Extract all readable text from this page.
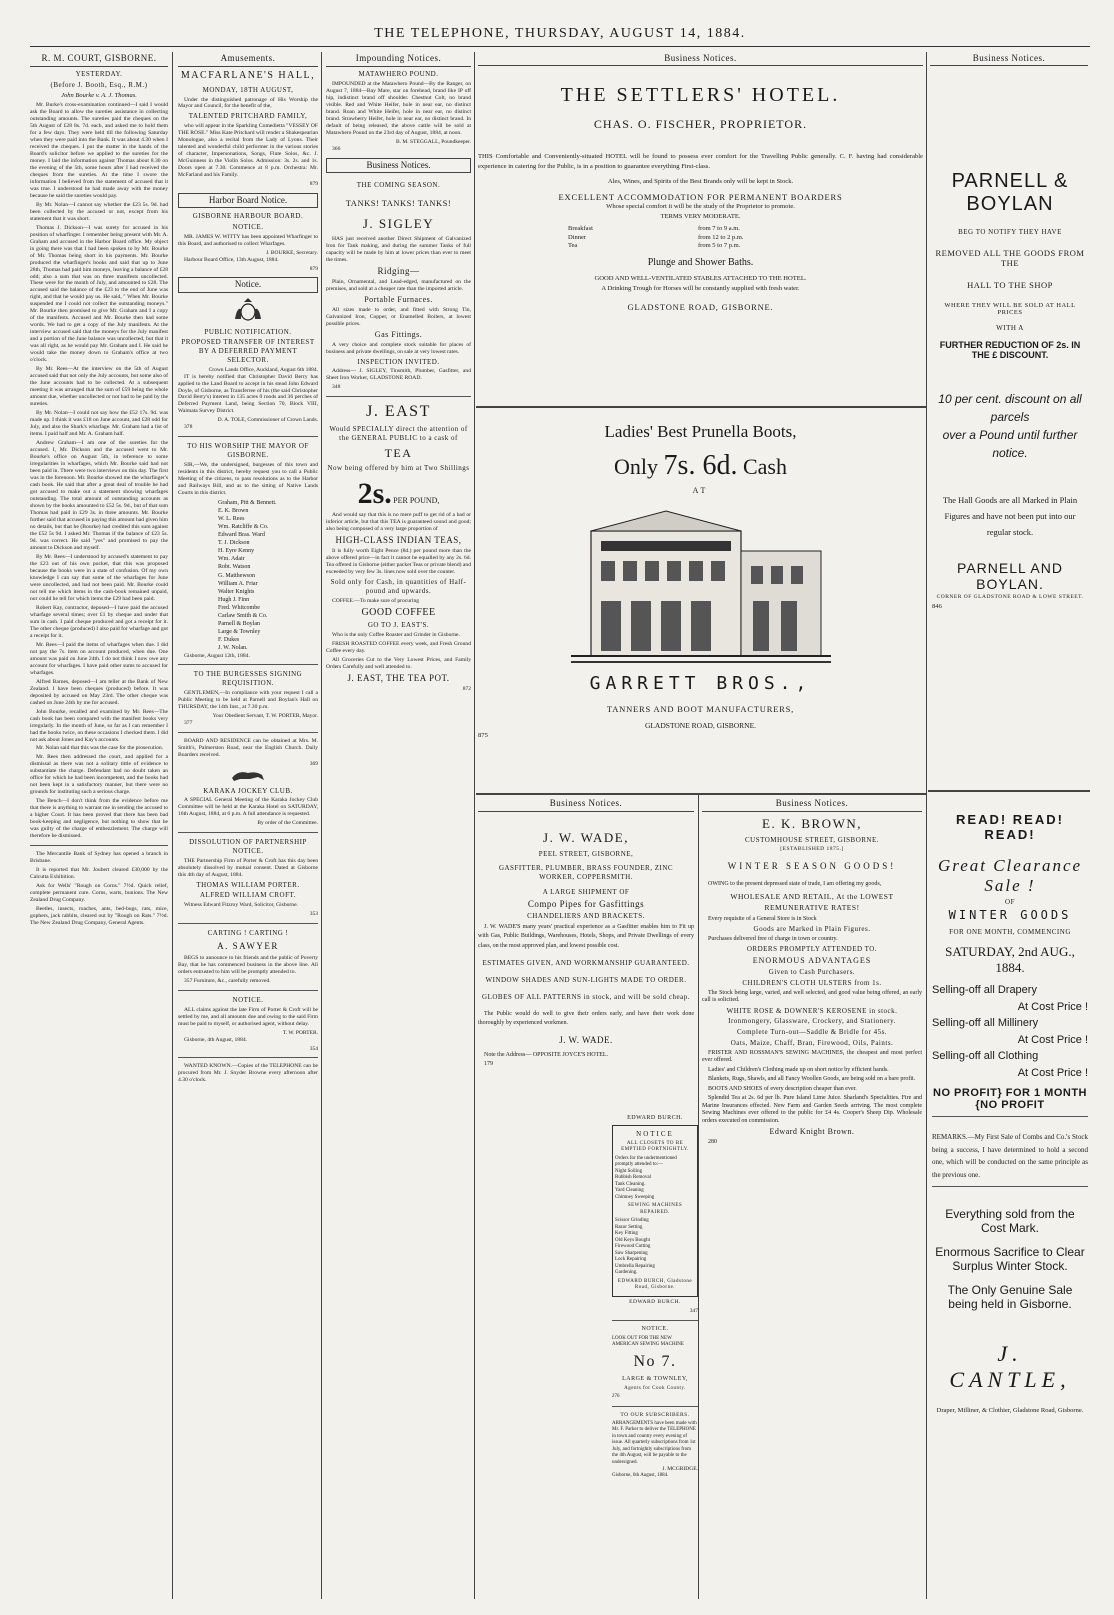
THE TELEPHONE, THURSDAY, AUGUST 14, 1884.
R. M. COURT, GISBORNE.
YESTERDAY.
(Before J. Booth, Esq., R.M.)
John Bourke v. A. J. Thomas.
Mr. Burke's cross-examination continued—I said I would ask the Board to allow the sureties assistance in collecting outstanding amounts. The sureties paid the cheques on the 5th August of £28 8s. 7d. each, and asked me to hold them for a few days. They were held till the following Saturday when they were paid into the Bank. It was about 4.30 when I received the cheques. I put the matter in the hands of the Board's solicitor before we applied to the sureties for the money. I laid the information against Thomas about 8.30 on the evening of the 5th, some hours after I had received the cheques from the sureties. At the time I swore the information I believed from the statement of accused that it was true. I understood he had made away with the money because he said the sureties would pay.
By Mr. Nolan—I cannot say whether the £23 5s. 9d. had been collected by the accused or not, except from his statement that it was short.
Thomas J. Dickson—I was surety for accused in his position of wharfinger. I remember being present with Mr. A. Graham and accused in the Harbor Board office. My object in going there was that I had been spoken to by Mr. Bourke of Mr. Thomas being short in his payments. Mr. Bourke produced the wharfinger's books and said that up to June 28th, Thomas had paid him moneys, leaving a balance of £28 odd; also a sum that was on three manifests uncollected. These were for the month of July, and amounted to £28. The accused said the balance of the £23 to the end of June was right, and that he would pay us. He said, " When Mr. Bourke suspended me I could not collect the outstanding moneys." Mr. Bourke then promised to give Mr. Graham and I a copy of the manifests. Accused and Mr. Bourke then had some words. We had to get a copy of the July manifests. At the interview accused said that the moneys for the July manifest and a portion of the June balance was uncollected, but that it was all right, as he would pay Mr. Graham and I. He said he would take the money down to Graham's office at two o'clock.
By Mr. Rees—At the interview on the 5th of August accused said that not only the July accounts, but some also of the June accounts had to be collected. At a subsequent meeting it was arranged that the sum of £59 being the whole amount due, whether uncollected or not had to be paid by the sureties.
By Mr. Nolan—I could not say how the £52 17s. 9d. was made up. I think it was £18 on June account, and £28 odd for July, and also the Shark's wharfage. Mr. Graham had a list of items. I paid half and Mr. A. Graham half.
Andrew Graham—I am one of the sureties for the accused. I, Mr. Dickson and the accused went to Mr. Bourke's office on August 5th, in reference to some irregularities in wharfages, which Mr. Bourke said had not been paid in. There were two interviews on this day. The first was in the forenoon. Mr. Bourke showed me the wharfinger's cash book. He said that after a great deal of trouble he had got accused to make out a statement showing wharfages outstanding. The total amount of outstanding accounts as shown by the books amounted to £52 5s. 9d., but of that sum Thomas had paid in £29 3s. in three amounts. Mr. Bourke further said that accused in paying this amount had given him no details, but that he (Bourke) had credited this sum against the £52 5s 9d. I asked Mr. Thomas if the balance of £23 5s. 9d. was correct. He said "yes" and promised to pay the amount to Dickson and myself.
By Mr. Rees—I understood by accused's statement to pay the £23 out of his own pocket, that this was proposed because the books were in a state of confusion. Of my own knowledge I can say that some of the wharfages for June were uncollected, and had not been paid. Mr. Bourke could not tell me which items in the cash-book remained unpaid, nor could he tell for which items the £29 had been paid.
Robert Kay, contractor, deposed—I have paid the accused wharfage several times; over £1 by cheque and under that sum in cash. I paid cheque produced and got a receipt for it. The other cheque (produced) I also paid for wharfage and got a receipt for it.
Mr. Rees—I paid the items of wharfages when due. I did not pay the 7s. item on account produced, when due. One amount was paid on June 24th. I do not think I now owe any account for wharfages. I have paid other sums to accused for wharfages.
Alfred Barnes, deposed—I am teller at the Bank of New Zealand. I have been cheques (produced) before. It was deposited by accused on May 23rd. The other cheque was cashed on June 24th by me for accused.
John Bourke, recalled and examined by Mr. Rees—The cash book has been compared with the manifest books very irregularly. In the month of June, so far as I can remember I had the books twice, on these occasions I checked them. I did not ask about Jones and Kay's accounts.
Mr. Nolan said that this was the case for the prosecution.
Mr. Rees then addressed the court, and applied for a dismissal as there was not a solitary tittle of evidence to substantiate the charge. Defendant had no doubt taken an office for which he had been incompetent, and the books had not been kept in a satisfactory manner, but there were no grounds for instituting such a serious charge.
The Bench—I don't think from the evidence before me that there is anything to warrant me in sending the accused to a higher Court. It has been proved that there has been bad book-keeping and negligence, but nothing to show that he was guilty of the charge of embezzlement. The charge will therefore be dismissed.
The Mercantile Bank of Sydney has opened a branch in Brisbane.
It is reported that Mr. Joubert cleared £30,000 by the Calcutta Exhibition.
Ask for Wells' "Rough on Corns." 7½d. Quick relief, complete permanent cure. Corns, warts, bunions. The New Zealand Drug Company.
Beetles, insects, roaches, ants, bed-bugs, rats, mice, gophers, jack rabbits, cleared out by "Rough on Rats." 7½d. The New Zealand Drug Company, General Agents.
Amusements.
MACFARLANE'S HALL,
MONDAY, 18TH AUGUST,
Under the distinguished patronage of His Worship the Mayor and Council, for the benefit of the,
TALENTED PRITCHARD FAMILY,
who will appear in the Sparkling Comedietta "VESSEY OF THE ROSE." Miss Kate Pritchard will render a Shakespearian Monologue, also a recital from the Lady of Lyons. Their talented and wonderful child performer in the various stories of character, Impersonations, Songs, Flute Solos, &c. J. McGuinness in the Violin Solos. Admission: 3s. 2s. and 1s. Doors open at 7.30. Commence at 8 p.m. Orchestra: Mr. McFarland and his Family.
879
Harbor Board Notice.
GISBORNE HARBOUR BOARD.
NOTICE.
MR. JAMES W. WITTY has been appointed Wharfinger to this Board, and authorised to collect Wharfages.
J. BOURKE, Secretary.
Harbour Board Office, 13th August, 1884.
879
Notice.
PUBLIC NOTIFICATION.
PROPOSED TRANSFER OF INTEREST BY A DEFERRED PAYMENT SELECTOR.
Crown Lands Office, Auckland, August 6th 1884.
IT is hereby notified that Christopher David Berry has applied to the Land Board to accept in his stead John Edward Doyle, of Gisborne, as Transferree of his (the said Christopher David Berry's) interest in 135 acres 0 roods and 36 perches of Deferred Payment Land, being Section 70, Block VIII, Waimata Survey District.
D. A. TOLE, Commissioner of Crown Lands.
378
TO HIS WORSHIP THE MAYOR OF GISBORNE.
SIR,—We, the undersigned, burgesses of this town and residents in this district, hereby request you to call a Public Meeting of the citizens, to pass resolutions as to the Harbor and Railways Bill, and as to the sitting of Native Lands Courts in this district.
Graham, Pitt & Bennett.
E. K. Brown
W. L. Rees
Wm. Ratcliffe & Co.
Edward Bras. Ward
T. J. Dickson
H. Eyre Kenny
Wm. Adair
Robt. Watson
G. Matthewson
William A. Friar
Walter Knights
Hugh J. Finn
Fred. Whitcombe
Carlaw Smith & Co.
Parnell & Boylan
Large & Townley
F. Dukes
J. W. Nolan.
Gisborne, August 12th, 1884.
TO THE BURGESSES SIGNING REQUISITION.
GENTLEMEN,—In compliance with your request I call a Public Meeting to be held at Parnell and Boylan's Hall on THURSDAY, the 14th Inst., at 7.30 p.m.
Your Obedient Servant, T. W. PORTER, Mayor.
377
BOARD AND RESIDENCE can be obtained at Mrs. M. Smith's, Palmerston Road, near the English Church. Daily Boarders received.
369
KARAKA JOCKEY CLUB.
A SPECIAL General Meeting of the Karaka Jockey Club Committee will be held at the Karaka Hotel on SATURDAY, 16th August, 1884, at 6 p.m. A full attendance is requested.
By order of the Committee.
DISSOLUTION OF PARTNERSHIP NOTICE.
THE Partnership Firm of Porter & Croft has this day been absolutely dissolved by mutual consent. Dated at Gisborne this 4th day of August, 1884.
THOMAS WILLIAM PORTER.
ALFRED WILLIAM CROFT.
Witness Edward Fitzroy Ward, Solicitor, Gisborne.
353
CARTING ! CARTING !
A. SAWYER
BEGS to announce to his friends and the public of Poverty Bay, that he has commenced business in the above line. All orders entrusted to him will be promptly attended to.
357 Furniture, &c., carefully removed.
NOTICE.
ALL claims against the late Firm of Porter & Croft will be settled by me, and all amounts due and owing to the said Firm must be paid to myself, or authorised agent, without delay.
T. W. PORTER.
Gisborne, 4th August, 1884.
354
WANTED KNOWN.—Copies of the TELEPHONE can be procured from Mr. J. Snyder Browne every afternoon after 4.30 o'clock.
Impounding Notices.
MATAWHERO POUND.
IMPOUNDED at the Matawhero Pound—By the Ranger, on August 7, 1884—Bay Mare, star on forehead, brand like IP off hip, indistinct brand off shoulder. Chestnut Colt, no brand visible. Red and White Heifer, hole in near ear, no distinct brand. Roan and White Heifer, hole in near ear, no distinct brand. Strawberry Heifer, hole in near ear, no distinct brand. In default of being released, the above cattle will be sold at Matawhero Pound on the 23rd day of August, 1884, at noon.
B. M. STEGGALL, Poundkeeper.
366
Business Notices.
THE COMING SEASON.
TANKS! TANKS! TANKS!
J. SIGLEY
HAS just received another Direct Shipment of Galvanized Iron for Tank making, and during the summer Tanks of full capacity will be made by him at lower prices than ever to meet the times.
Ridging—
Plain, Ornamental, and Lead-edged, manufactured on the premises, and sold at a cheaper rate than the imported article.
Portable Furnaces.
All sizes made to order, and fitted with Strong Tin, Galvanized Iron, Copper, or Enamelled Boilers, at lowest possible prices.
Gas Fittings.
A very choice and complete stock suitable for places of business and private dwellings, on sale at very lowest rates.
INSPECTION INVITED.
Address— J. SIGLEY, Tinsmith, Plumber, Gasfitter, and Sheet Iron Worker, GLADSTONE ROAD.
348
J. EAST
Would SPECIALLY direct the attention of the GENERAL PUBLIC to a cask of
TEA
Now being offered by him at Two Shillings
2s. PER POUND,
And would say that this is no mere puff to get rid of a bad or inferior article, but that this TEA is guaranteed sound and good; also being composed of a very large proportion of
HIGH-CLASS INDIAN TEAS,
It is fully worth Eight Pence (8d.) per pound more than the above offered price—in fact it cannot be equalled by any 2s. 6d. Tea offered in Gisborne (either packet Teas or private blend) and exceeded by very few 3s. lines now sold over the counter.
Sold only for Cash, in quantities of Half-pound and upwards.
COFFEE.—To make sure of procuring
GOOD COFFEE
GO TO J. EAST'S.
Who is the only Coffee Roaster and Grinder in Gisborne.
FRESH ROASTED COFFEE every week, and Fresh Ground Coffee every day.
All Groceries Cut to the Very Lowest Prices, and Family Orders Carefully and well attended to.
J. EAST, THE TEA POT.
872
Business Notices.
THE SETTLERS' HOTEL.
CHAS. O. FISCHER, PROPRIETOR.
THIS Comfortable and Conveniently-situated HOTEL will be found to possess ever comfort for the Travelling Public generally. C. F. having had considerable experience in catering for the Public, is in a position to guarantee everything First-class.
Ales, Wines, and Spirits of the Best Brands only will be kept in Stock.
EXCELLENT ACCOMMODATION FOR PERMANENT BOARDERS
Whose special comfort it will be the study of the Proprietor to promote.
TERMS VERY MODERATE.
Breakfast	from 7 to 9 a.m.
Dinner	from 12 to 2 p.m.
Tea	from 5 to 7 p.m.
Plunge and Shower Baths.
GOOD AND WELL-VENTILATED STABLES ATTACHED TO THE HOTEL.
A Drinking Trough for Horses will be constantly supplied with fresh water.
GLADSTONE ROAD, GISBORNE.
Ladies' Best Prunella Boots,
Only 7s. 6d. Cash
AT
GARRETT BROS.,
TANNERS AND BOOT MANUFACTURERS,
GLADSTONE ROAD, GISBORNE.
875
Business Notices.
J. W. WADE,
PEEL STREET, GISBORNE,
GASFITTER, PLUMBER, BRASS FOUNDER, ZINC WORKER, COPPERSMITH.
A LARGE SHIPMENT OF
Compo Pipes for Gasfittings
CHANDELIERS AND BRACKETS.
J. W. WADE'S many years' practical experience as a Gasfitter enables him to Fit up with Gas, Public Buildings, Warehouses, Hotels, Shops, and Private Dwellings of every class, on the most approved plan, and lowest possible cost.
ESTIMATES GIVEN, AND WORKMANSHIP GUARANTEED.
WINDOW SHADES AND SUN-LIGHTS MADE TO ORDER.
GLOBES OF ALL PATTERNS in stock, and will be sold cheap.
The Public would do well to give their orders early, and have their work done thoroughly by experienced workmen.
J. W. WADE.
Note the Address— OPPOSITE JOYCE'S HOTEL.
179
EDWARD BURCH.
NOTICE
ALL CLOSETS TO BE EMPTIED FORTNIGHTLY.
Orders for the undermentioned promptly attended to:—
Night Soiling
Rubbish Removal
Tank Cleaning.
Yard Cleaning
Chimney Sweeping
SEWING MACHINES REPAIRED.
Scissor Grinding
Razor Setting
Key Fitting
Old Keys Bought
Firewood Cutting
Saw Sharpening
Lock Repairing
Umbrella Repairing
Gardening.
EDWARD BURCH, Gladstone Road, Gisborne.
EDWARD BURCH.
347
NOTICE.
LOOK OUT FOR THE NEW AMERICAN SEWING MACHINE
No 7.
LARGE & TOWNLEY,
Agents for Cook County.
276
TO OUR SUBSCRIBERS.
ARRANGEMENTS have been made with Mr. F. Parker to deliver the TELEPHONE in town and country every evening of issue. All quarterly subscriptions from 1st July, and fortnightly subscriptions from the 4th August, will be payable to the undersigned.
J. MCGRIDGE.
Gisborne, 6th August, 1884.
Business Notices.
E. K. BROWN,
CUSTOMHOUSE STREET, GISBORNE.
[ESTABLISHED 1875.]
WINTER SEASON GOODS!
OWING to the present depressed state of trade, I am offering my goods,
WHOLESALE AND RETAIL, At the LOWEST REMUNERATIVE RATES!
Every requisite of a General Store is in Stock
Goods are Marked in Plain Figures.
Purchases delivered free of charge in town or country.
ORDERS PROMPTLY ATTENDED TO.
ENORMOUS ADVANTAGES
Given to Cash Purchasers.
CHILDREN'S CLOTH ULSTERS from 1s.
The Stock being large, varied, and well selected, and good value being offered, an early call is solicited.
WHITE ROSE & DOWNER'S KEROSENE in stock.
Ironmongery, Glassware, Crockery, and Stationery.
Complete Turn-out—Saddle & Bridle for 45s.
Oats, Maize, Chaff, Bran, Firewood, Oils, Paints.
FRISTER AND ROSSMAN'S SEWING MACHINES, the cheapest and most perfect ever offered.
Ladies' and Children's Clothing made up on short notice by efficient hands.
Blankets, Rugs, Shawls, and all Fancy Woollen Goods, are being sold on a bare profit.
BOOTS AND SHOES of every description cheaper than ever.
Splendid Tea at 2s. 6d per lb. Pure Island Lime Juice. Sharland's Specialities. Fire and Marine Insurances effected. New Farm and Garden Seeds arriving. The most complete Sewing Machines ever offered to the public for £4 4s. Cooper's Sheep Dip. Wholesale orders executed on commission.
Edward Knight Brown.
280
Business Notices.
PARNELL & BOYLAN
BEG TO NOTIFY THEY HAVE
REMOVED ALL THE GOODS FROM THE
HALL TO THE SHOP
WHERE THEY WILL BE SOLD AT HALL PRICES
WITH A
FURTHER REDUCTION OF 2s. IN THE £ DISCOUNT.
10 per cent. discount on all parcels
over a Pound until further notice.
The Hall Goods are all Marked in Plain Figures and have not been put into our regular stock.
PARNELL AND BOYLAN.
CORNER OF GLADSTONE ROAD & LOWE STREET.
846
READ! READ! READ!
Great Clearance Sale !
OF
WINTER GOODS
FOR ONE MONTH, COMMENCING
SATURDAY, 2nd AUG., 1884.
Selling-off all Drapery
At Cost Price !
Selling-off all Millinery
At Cost Price !
Selling-off all Clothing
At Cost Price !
NO PROFIT} FOR 1 MONTH {NO PROFIT
REMARKS.—My First Sale of Combs and Co.'s Stock being a success, I have determined to hold a second one, which will be conducted on the same principle as the previous one.
Everything sold from the Cost Mark.
Enormous Sacrifice to Clear Surplus Winter Stock.
The Only Genuine Sale being held in Gisborne.
J. CANTLE,
Draper, Milliner, & Clothier, Gladstone Road, Gisborne.
